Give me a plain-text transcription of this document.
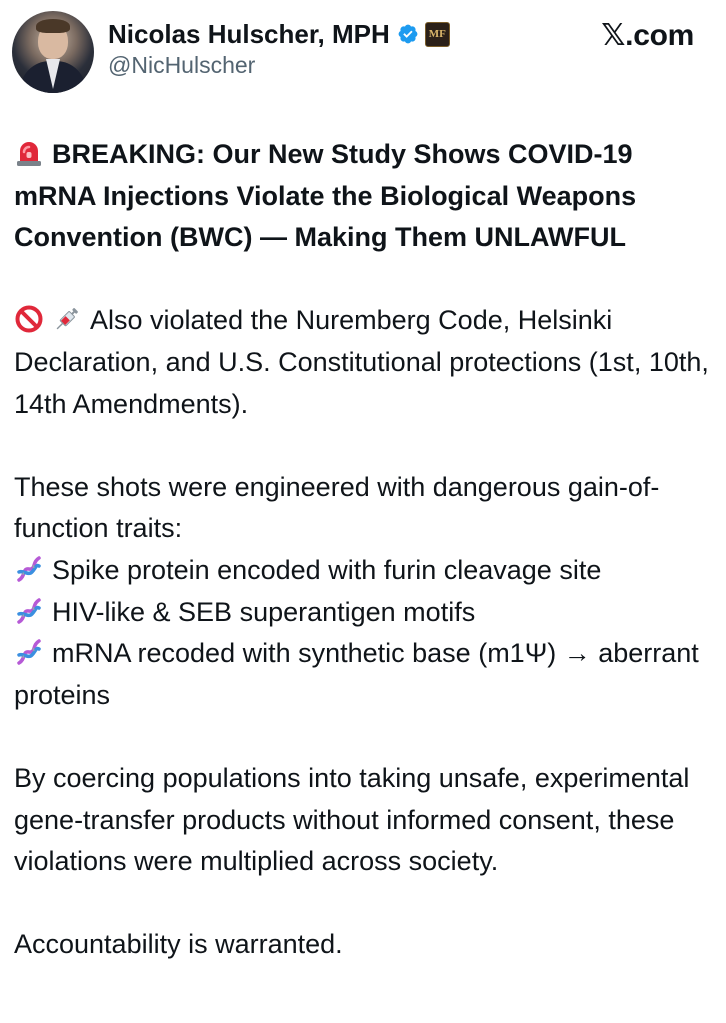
Nicolas Hulscher, MPH	MF
@NicHulscher
𝕏.com

BREAKING: Our New Study Shows COVID-19 mRNA Injections Violate the Biological Weapons Convention (BWC) — Making Them UNLAWFUL

Also violated the Nuremberg Code, Helsinki Declaration, and U.S. Constitutional protections (1st, 10th, 14th Amendments).

These shots were engineered with dangerous gain-of-function traits:

Spike protein encoded with furin cleavage site

HIV-like & SEB superantigen motifs

mRNA recoded with synthetic base (m1Ψ) → aberrant proteins

By coercing populations into taking unsafe, experimental gene-transfer products without informed consent, these violations were multiplied across society.

Accountability is warranted.
